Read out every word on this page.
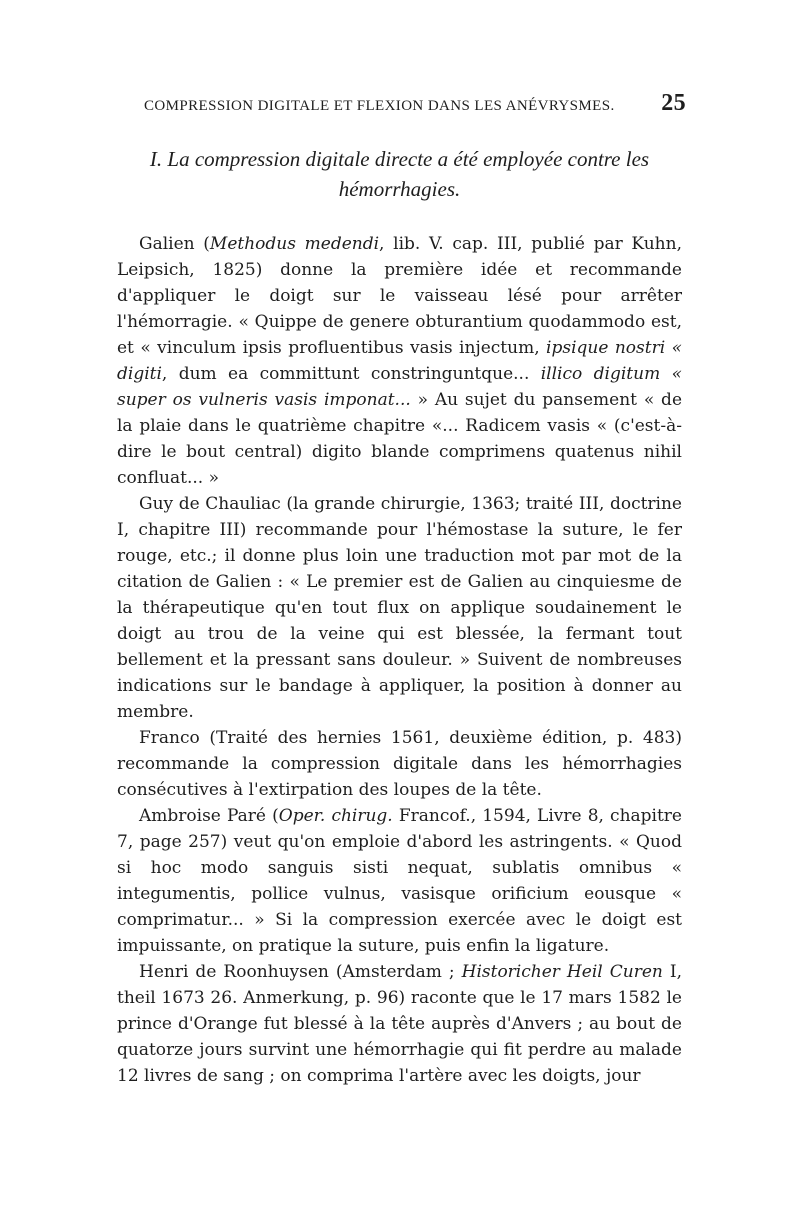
COMPRESSION DIGITALE ET FLEXION DANS LES ANÉVRYSMES. 25
I. La compression digitale directe a été employée contre les hémorrhagies.

Galien (Methodus medendi, lib. V. cap. III, publié par Kuhn, Leipsich, 1825) donne la première idée et recommande d'appliquer le doigt sur le vaisseau lésé pour arrêter l'hémorragie. « Quippe de genere obturantium quodammodo est, et « vinculum ipsis profluentibus vasis injectum, ipsique nostri « digiti, dum ea committunt constringuntque... illico digitum « super os vulneris vasis imponat... » Au sujet du pansement « de la plaie dans le quatrième chapitre «... Radicem vasis « (c'est-à-dire le bout central) digito blande comprimens quatenus nihil confluat... »

Guy de Chauliac (la grande chirurgie, 1363; traité III, doctrine I, chapitre III) recommande pour l'hémostase la suture, le fer rouge, etc.; il donne plus loin une traduction mot par mot de la citation de Galien : « Le premier est de Galien au cinquiesme de la thérapeutique qu'en tout flux on applique soudainement le doigt au trou de la veine qui est blessée, la fermant tout bellement et la pressant sans douleur. » Suivent de nombreuses indications sur le bandage à appliquer, la position à donner au membre.

Franco (Traité des hernies 1561, deuxième édition, p. 483) recommande la compression digitale dans les hémorrhagies consécutives à l'extirpation des loupes de la tête.

Ambroise Paré (Oper. chirug. Francof., 1594, Livre 8, chapitre 7, page 257) veut qu'on emploie d'abord les astringents. « Quod si hoc modo sanguis sisti nequat, sublatis omnibus « integumentis, pollice vulnus, vasisque orificium eousque « comprimatur... » Si la compression exercée avec le doigt est impuissante, on pratique la suture, puis enfin la ligature.

Henri de Roonhuysen (Amsterdam ; Historicher Heil Curen I, theil 1673 26. Anmerkung, p. 96) raconte que le 17 mars 1582 le prince d'Orange fut blessé à la tête auprès d'Anvers ; au bout de quatorze jours survint une hémorrhagie qui fit perdre au malade 12 livres de sang ; on comprima l'artère avec les doigts, jour
